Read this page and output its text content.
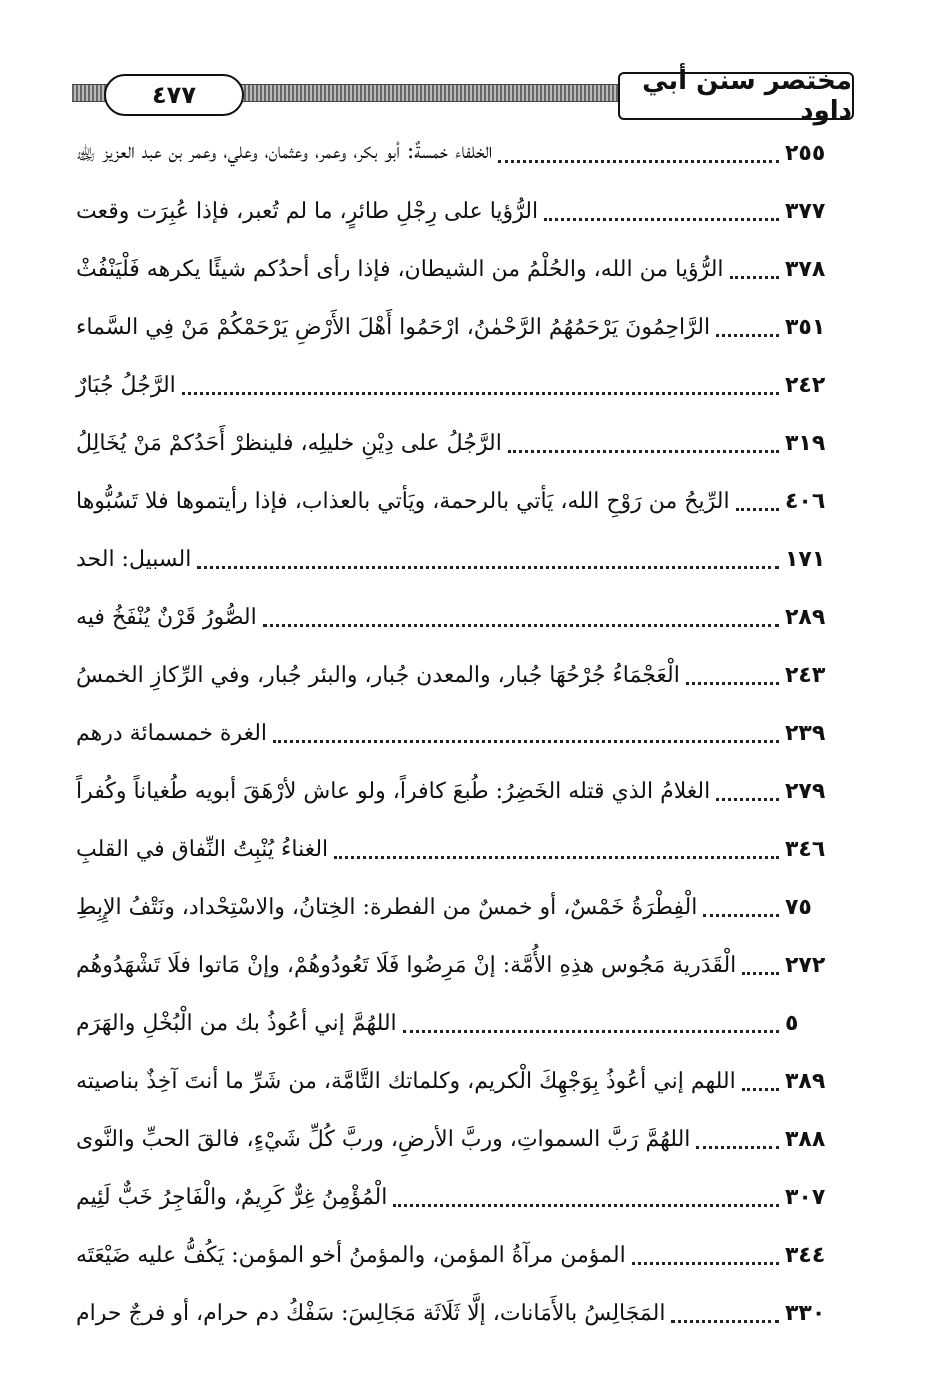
٤٧٧	مختصر سنن أبي داود
الخلفاء خمسةٌ: أبو بكر، وعمر، وعثمان، وعلي، وعمر بن عبد العزيز ﵀	٢٥٥
الرُّؤيا على رِجْلِ طائرٍ، ما لم تُعبر، فإذا عُبِرَت وقعت	٣٧٧
الرُّؤيا من الله، والحُلْمُ من الشيطان، فإذا رأى أحدُكم شيئًا يكرهه فَلْيَنْفُثْ	٣٧٨
الرَّاحِمُونَ يَرْحَمُهُمُ الرَّحْمٰنُ، ارْحَمُوا أَهْلَ الأَرْضِ يَرْحَمْكُمْ مَنْ فِي السَّماء	٣٥١
الرَّجُلُ جُبَارٌ	٢٤٢
الرَّجُلُ على دِيْنِ خليلِه، فلينظرْ أَحَدُكمْ مَنْ يُخَالِلُ	٣١٩
الرِّيحُ من رَوْحِ الله، يَأتي بالرحمة، ويَأتي بالعذاب، فإذا رأيتموها فلا تَسُبُّوها	٤٠٦
السبيل: الحد	١٧١
الصُّورُ قَرْنٌ يُنْفَخُ فيه	٢٨٩
الْعَجْمَاءُ جُرْحُهَا جُبار، والمعدن جُبار، والبئر جُبار، وفي الرِّكازِ الخمسُ	٢٤٣
الغرة خمسمائة درهم	٢٣٩
الغلامُ الذي قتله الخَضِرُ: طُبعَ كافراً، ولو عاش لأرْهَقَ أبويه طُغياناً وكُفراً	٢٧٩
الغناءُ يُنْبِتُ النِّفاق في القلبِ	٣٤٦
الْفِطْرَةُ خَمْسٌ، أو خمسٌ من الفطرة: الخِتانُ، والاسْتِحْداد، ونَتْفُ الإِبِطِ	٧٥
الْقَدَرية مَجُوس هذِهِ الأُمَّة: إنْ مَرِضُوا فَلَا تَعُودُوهُمْ، وإنْ مَاتوا فلَا تَشْهَدُوهُم ٢٧٢
اللهُمَّ إني أعُوذُ بك من الْبُخْلِ والهَرَم	٥
اللهم إني أعُوذُ بِوَجْهِكَ الْكريم، وكلماتك التَّامَّة، من شَرِّ ما أنتَ آخِذٌ بناصيته ٣٨٩
اللهُمَّ رَبَّ السمواتِ، وربَّ الأرضِ، وربَّ كُلِّ شَيْءٍ، فالقَ الحبِّ والنَّوى	٣٨٨
الْمُؤْمِنُ غِرٌّ كَرِيمٌ، والْفَاجِرُ خَبٌّ لَئِيم	٣٠٧
المؤمن مرآةُ المؤمن، والمؤمنُ أخو المؤمن: يَكُفُّ عليه ضَيْعَتَه	٣٤٤
المَجَالِسُ بالأَمَانات، إلَّا ثَلَاثَة مَجَالِسَ: سَفْكُ دم حرام، أو فرجٌ حرام	٣٣٠
